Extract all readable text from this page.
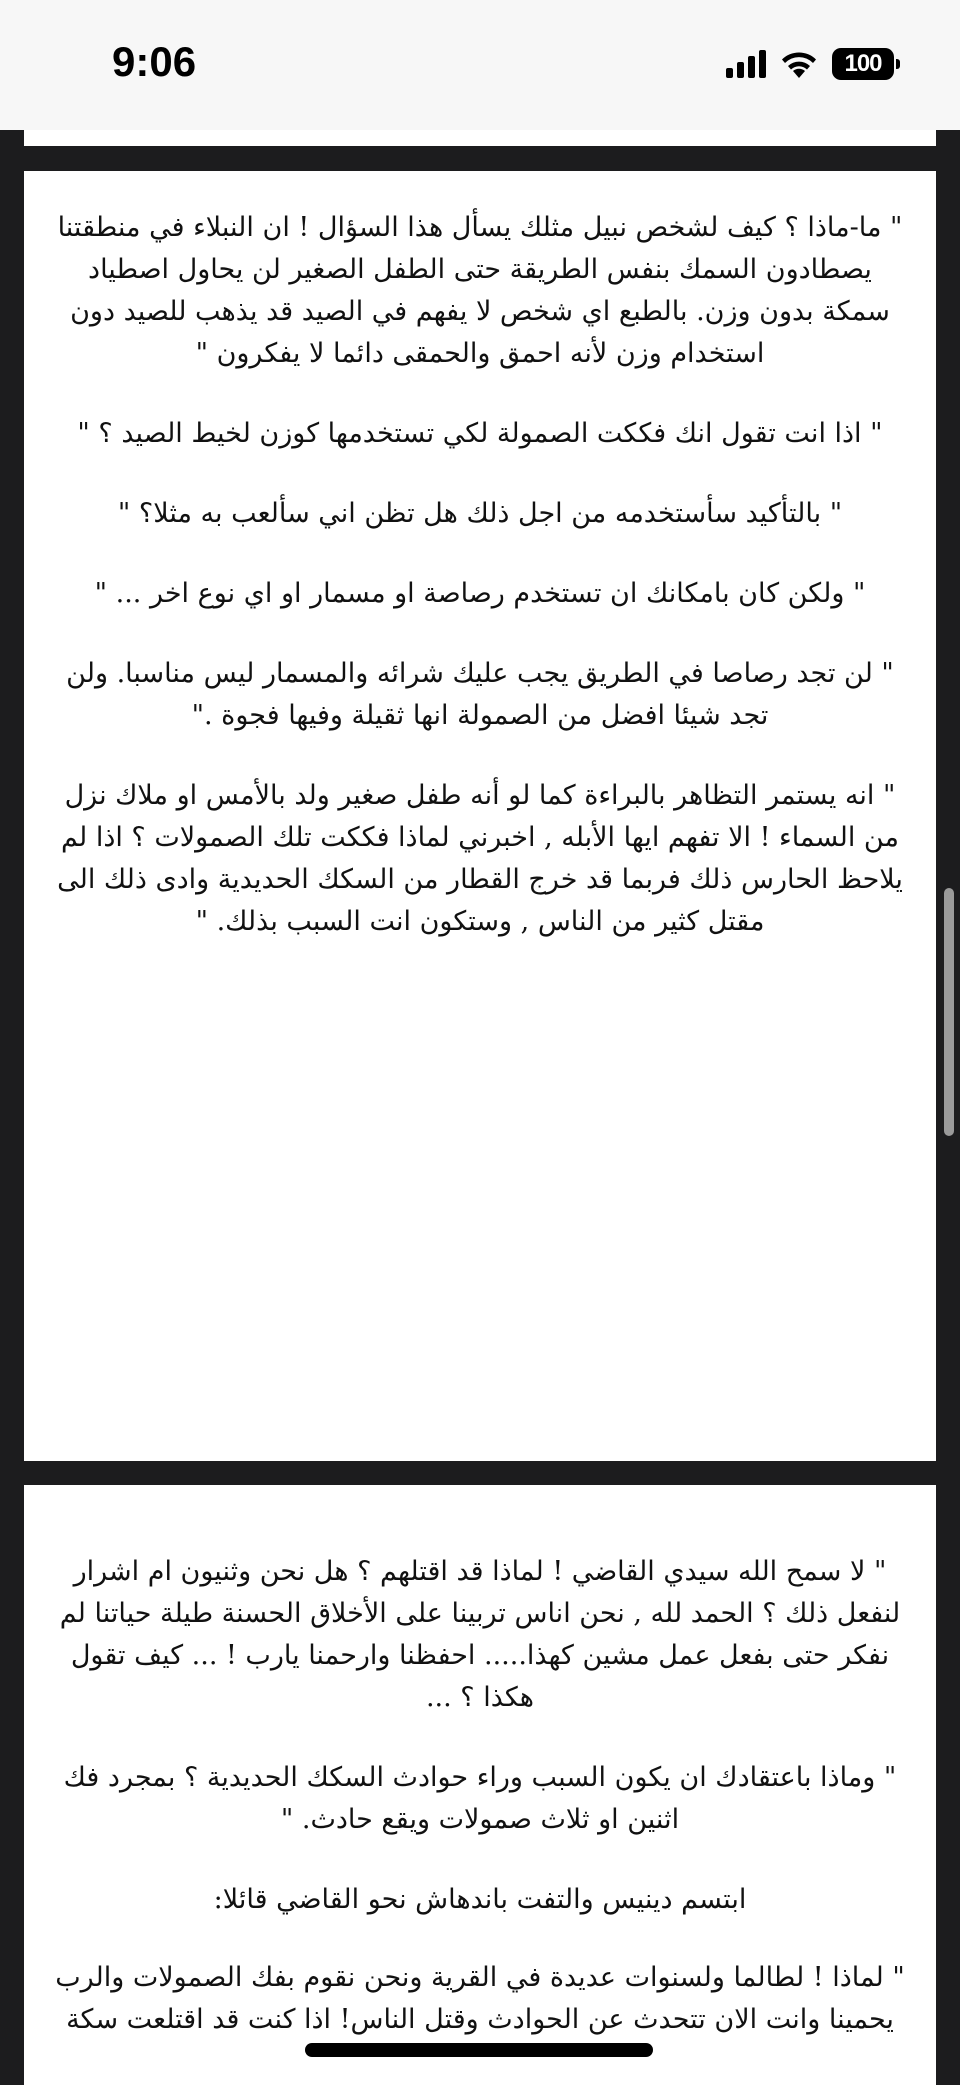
9:06	100

" ما-ماذا ؟ كيف لشخص نبيل مثلك يسأل هذا السؤال ! ان النبلاء في منطقتنا يصطادون السمك بنفس الطريقة حتى الطفل الصغير لن يحاول اصطياد سمكة بدون وزن. بالطبع اي شخص لا يفهم في الصيد قد يذهب للصيد دون استخدام وزن لأنه احمق والحمقى دائما لا يفكرون "

" اذا انت تقول انك فككت الصمولة لكي تستخدمها كوزن لخيط الصيد ؟ "

" بالتأكيد سأستخدمه من اجل ذلك هل تظن اني سألعب به مثلا؟ "

" ولكن كان بامكانك ان تستخدم رصاصة او مسمار او اي نوع اخر ... "

" لن تجد رصاصا في الطريق يجب عليك شرائه والمسمار ليس مناسبا. ولن تجد شيئا افضل من الصمولة انها ثقيلة وفيها فجوة ."

" انه يستمر التظاهر بالبراءة كما لو أنه طفل صغير ولد بالأمس او ملاك نزل من السماء ! الا تفهم ايها الأبله , اخبرني لماذا فككت تلك الصمولات ؟ اذا لم يلاحظ الحارس ذلك فربما قد خرج القطار من السكك الحديدية وادى ذلك الى مقتل كثير من الناس , وستكون انت السبب بذلك. "

" لا سمح الله سيدي القاضي ! لماذا قد اقتلهم ؟ هل نحن وثنيون ام اشرار لنفعل ذلك ؟ الحمد لله , نحن اناس تربينا على الأخلاق الحسنة طيلة حياتنا لم نفكر حتى بفعل عمل مشين كهذا..... احفظنا وارحمنا يارب ! ... كيف تقول هكذا ؟ ...

" وماذا باعتقادك ان يكون السبب وراء حوادث السكك الحديدية ؟ بمجرد فك اثنين او ثلاث صمولات ويقع حادث. "

ابتسم دينيس والتفت باندهاش نحو القاضي قائلا:

" لماذا ! لطالما ولسنوات عديدة في القرية ونحن نقوم بفك الصمولات والرب يحمينا وانت الان تتحدث عن الحوادث وقتل الناس! اذا كنت قد اقتلعت سكة
